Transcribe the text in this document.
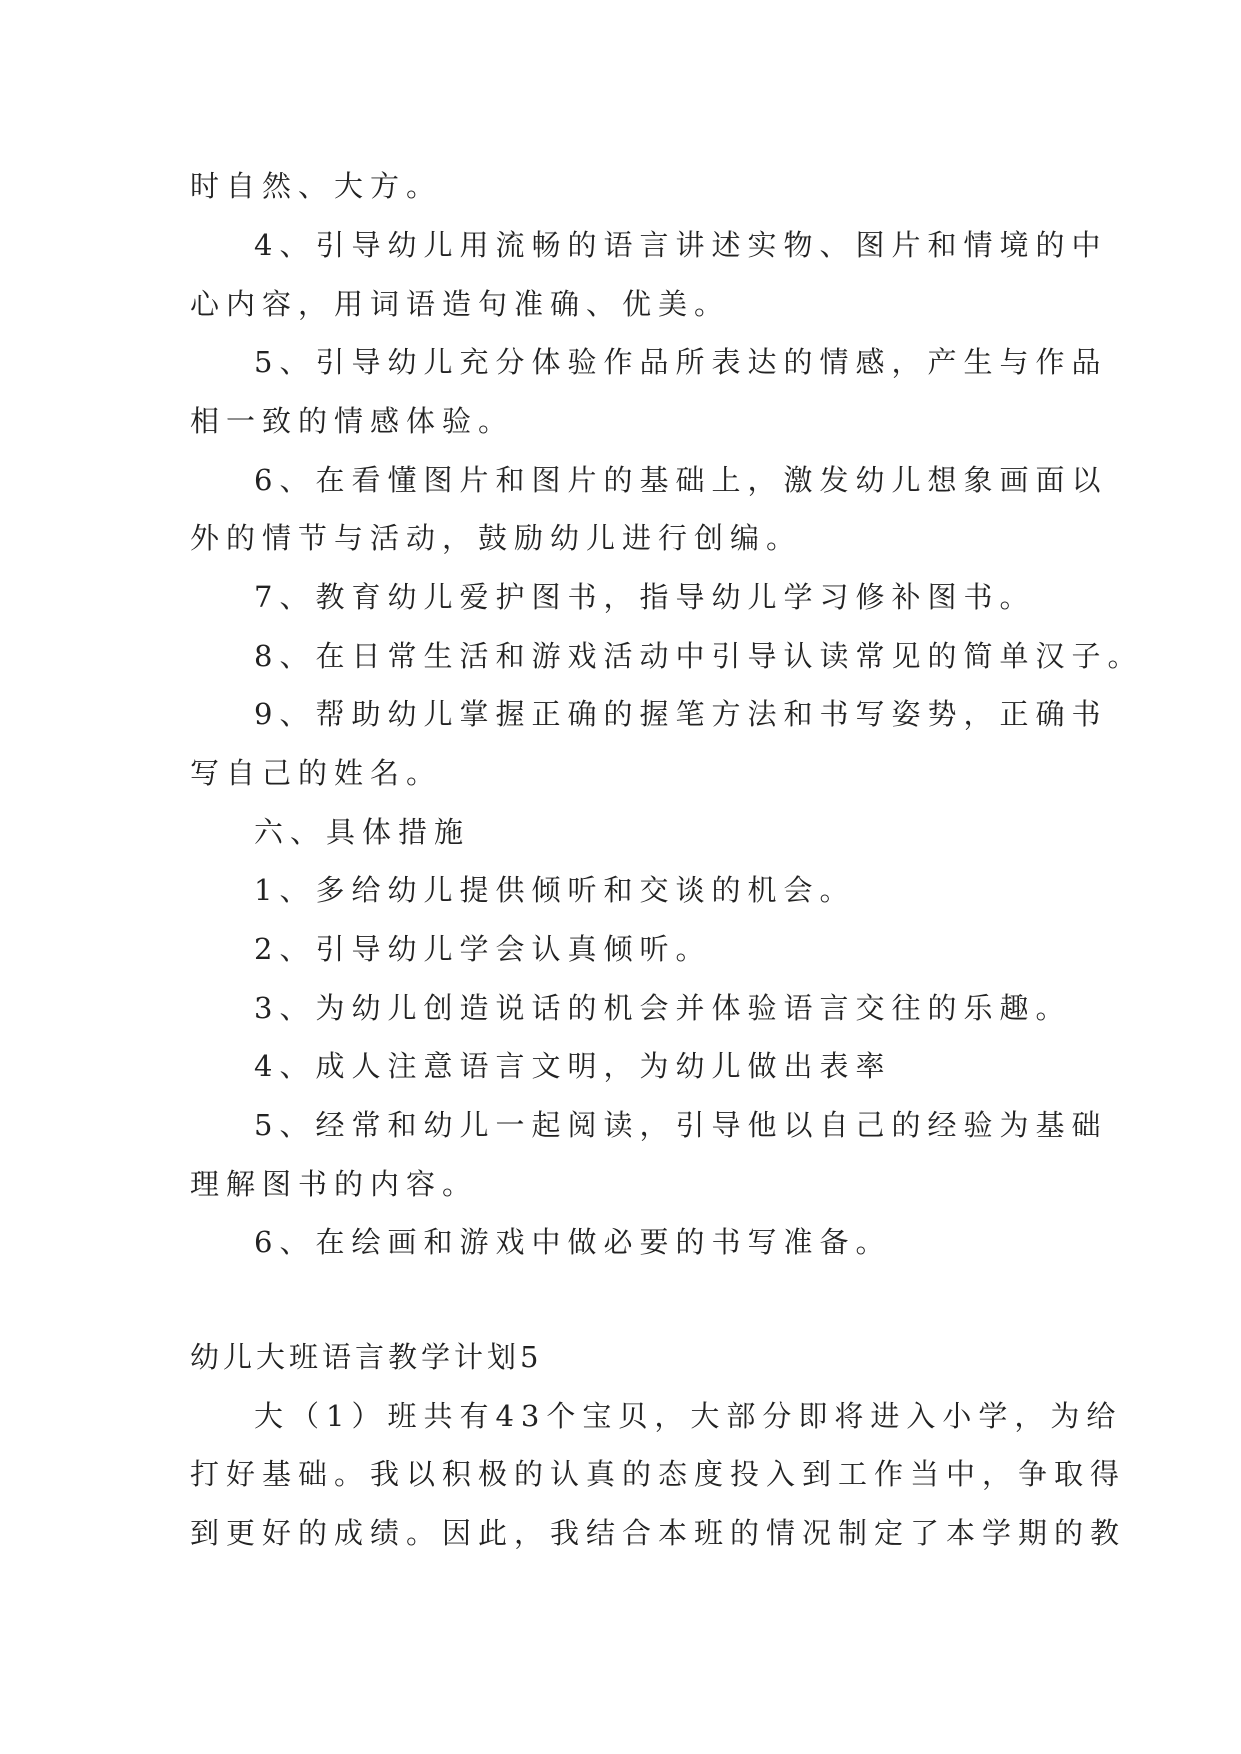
时自然、大方。

4、引导幼儿用流畅的语言讲述实物、图片和情境的中

心内容，用词语造句准确、优美。

5、引导幼儿充分体验作品所表达的情感，产生与作品

相一致的情感体验。

6、在看懂图片和图片的基础上，激发幼儿想象画面以

外的情节与活动，鼓励幼儿进行创编。

7、教育幼儿爱护图书，指导幼儿学习修补图书。

8、在日常生活和游戏活动中引导认读常见的简单汉子。

9、帮助幼儿掌握正确的握笔方法和书写姿势，正确书

写自己的姓名。

六、具体措施

1、多给幼儿提供倾听和交谈的机会。

2、引导幼儿学会认真倾听。

3、为幼儿创造说话的机会并体验语言交往的乐趣。

4、成人注意语言文明，为幼儿做出表率

5、经常和幼儿一起阅读，引导他以自己的经验为基础

理解图书的内容。

6、在绘画和游戏中做必要的书写准备。

幼儿大班语言教学计划5

大（1）班共有43个宝贝，大部分即将进入小学，为给

打好基础。我以积极的认真的态度投入到工作当中，争取得

到更好的成绩。因此，我结合本班的情况制定了本学期的教
